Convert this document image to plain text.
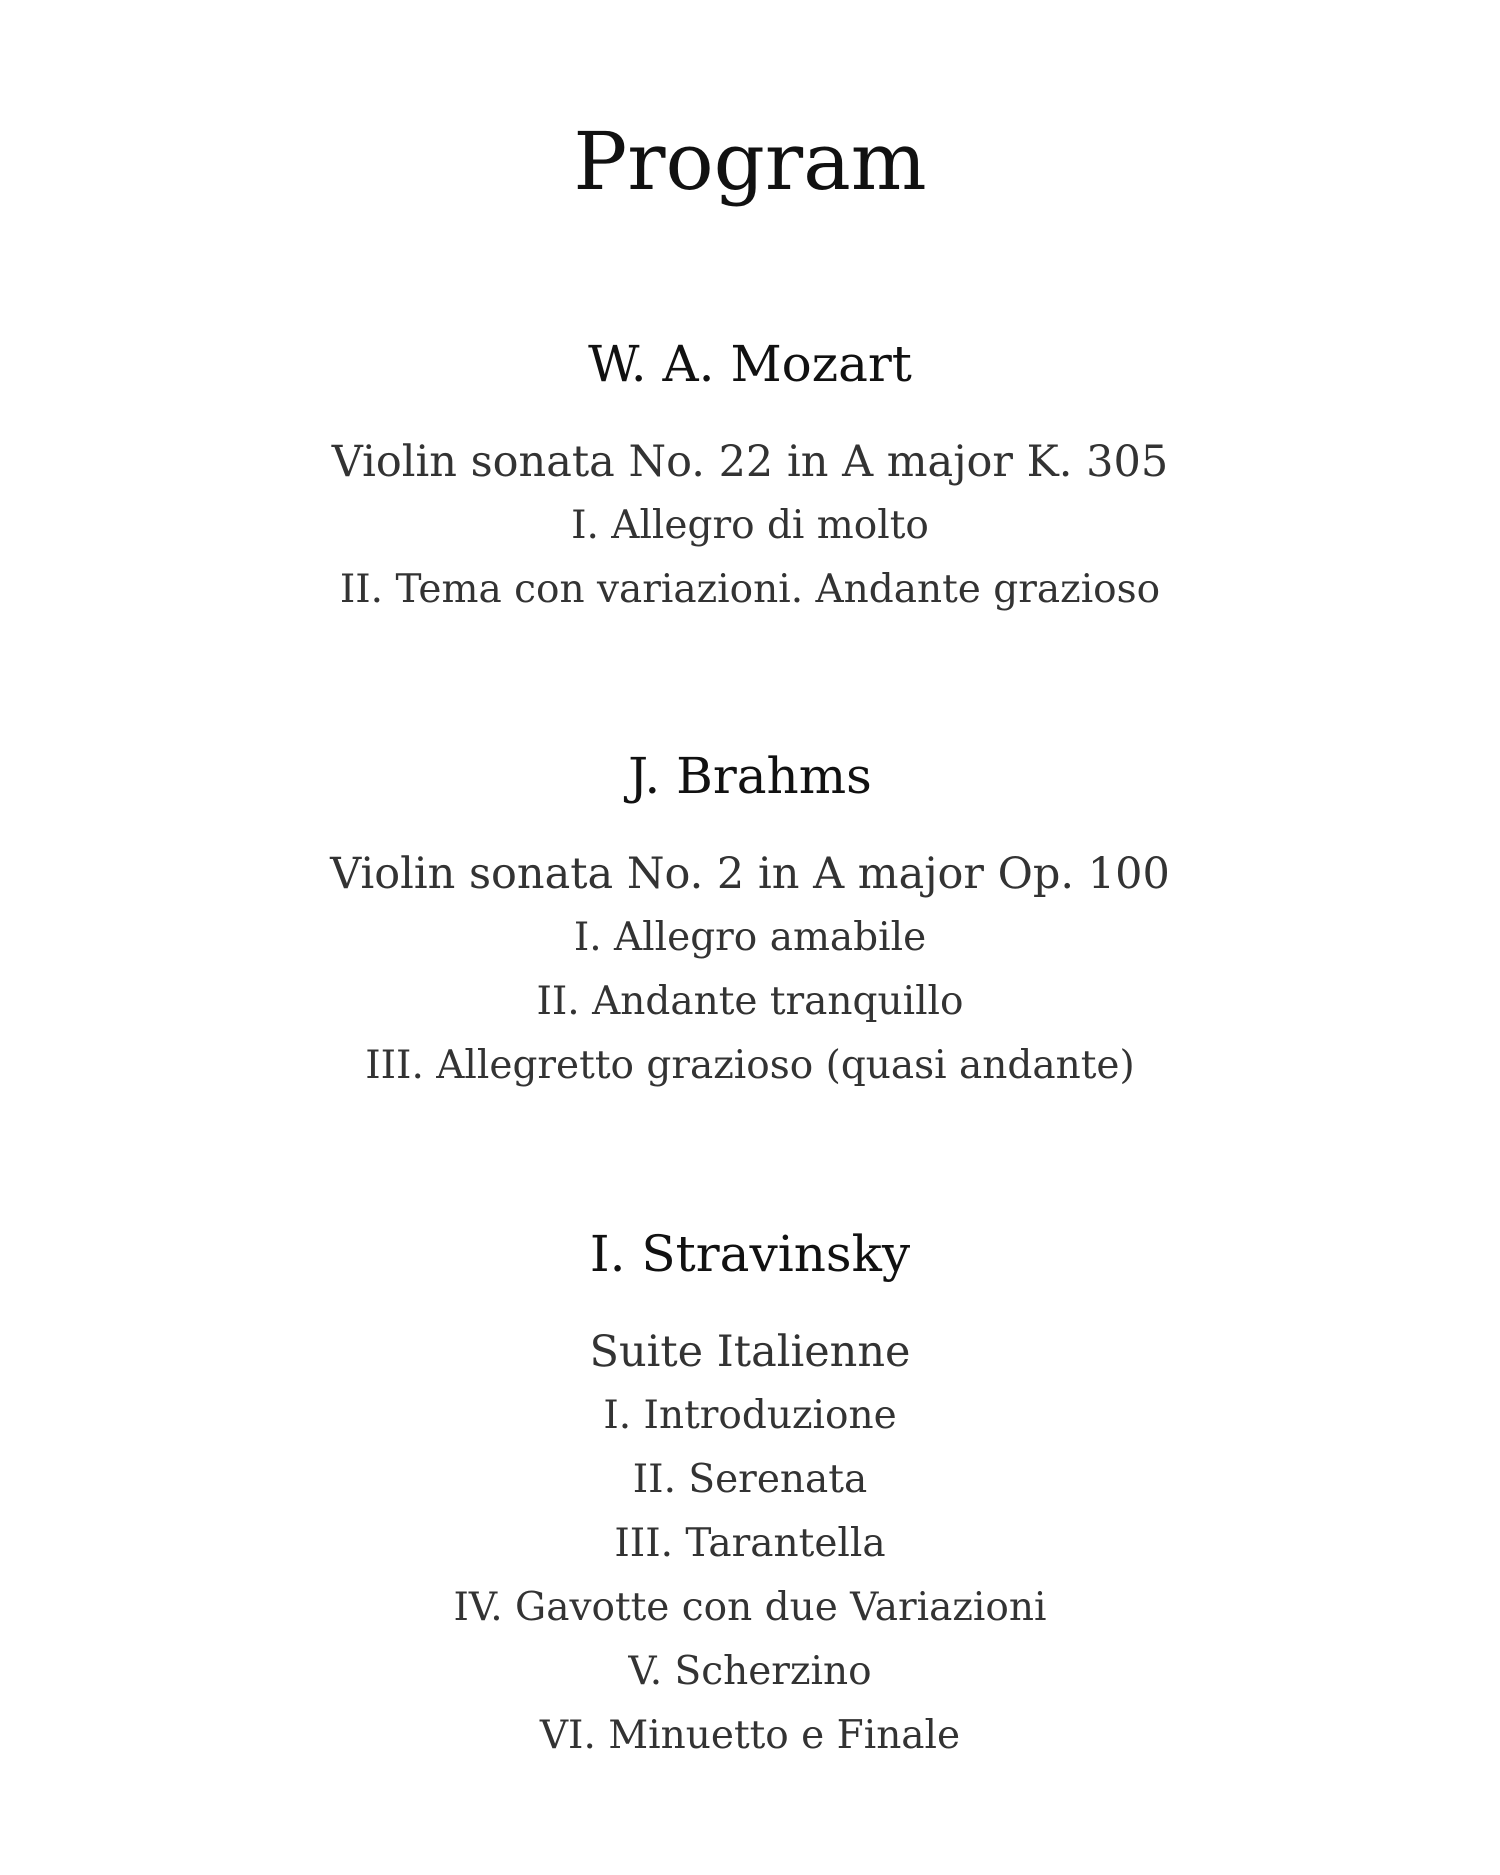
Program
W. A. Mozart
Violin sonata No. 22 in A major K. 305
I. Allegro di molto
II. Tema con variazioni. Andante grazioso
J. Brahms
Violin sonata No. 2 in A major Op. 100
I. Allegro amabile
II. Andante tranquillo
III. Allegretto grazioso (quasi andante)
I. Stravinsky
Suite Italienne
I. Introduzione
II. Serenata
III. Tarantella
IV. Gavotte con due Variazioni
V. Scherzino
VI. Minuetto e Finale
